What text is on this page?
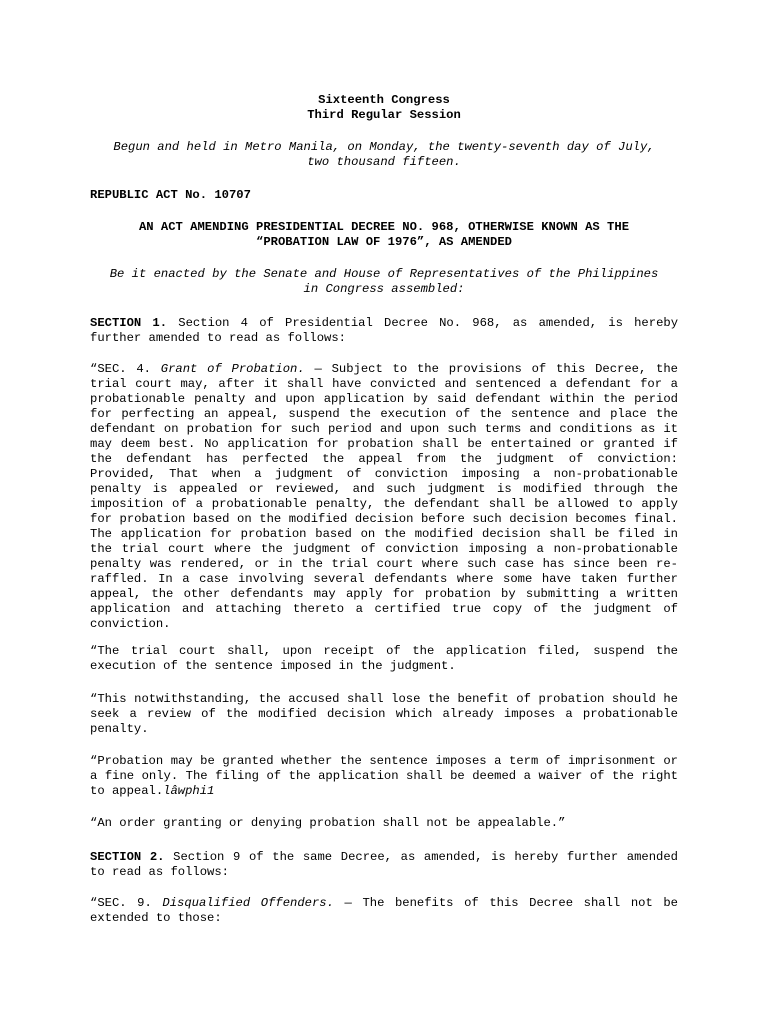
Sixteenth Congress
Third Regular Session
Begun and held in Metro Manila, on Monday, the twenty-seventh day of July,
two thousand fifteen.
REPUBLIC ACT No. 10707
AN ACT AMENDING PRESIDENTIAL DECREE NO. 968, OTHERWISE KNOWN AS THE
“PROBATION LAW OF 1976”, AS AMENDED
Be it enacted by the Senate and House of Representatives of the Philippines
in Congress assembled:

SECTION 1. Section 4 of Presidential Decree No. 968, as amended, is hereby further amended to read as follows:

“SEC. 4. Grant of Probation. — Subject to the provisions of this Decree, the trial court may, after it shall have convicted and sentenced a defendant for a probationable penalty and upon application by said defendant within the period for perfecting an appeal, suspend the execution of the sentence and place the defendant on probation for such period and upon such terms and conditions as it may deem best. No application for probation shall be entertained or granted if the defendant has perfected the appeal from the judgment of conviction: Provided, That when a judgment of conviction imposing a non-probationable penalty is appealed or reviewed, and such judgment is modified through the imposition of a probationable penalty, the defendant shall be allowed to apply for probation based on the modified decision before such decision becomes final. The application for probation based on the modified decision shall be filed in the trial court where the judgment of conviction imposing a non-probationable penalty was rendered, or in the trial court where such case has since been re-raffled. In a case involving several defendants where some have taken further appeal, the other defendants may apply for probation by submitting a written application and attaching thereto a certified true copy of the judgment of conviction.

“The trial court shall, upon receipt of the application filed, suspend the execution of the sentence imposed in the judgment.

“This notwithstanding, the accused shall lose the benefit of probation should he seek a review of the modified decision which already imposes a probationable penalty.

“Probation may be granted whether the sentence imposes a term of imprisonment or a fine only. The filing of the application shall be deemed a waiver of the right to appeal.lâwphi1

“An order granting or denying probation shall not be appealable.”

SECTION 2. Section 9 of the same Decree, as amended, is hereby further amended to read as follows:

“SEC. 9. Disqualified Offenders. — The benefits of this Decree shall not be extended to those:
